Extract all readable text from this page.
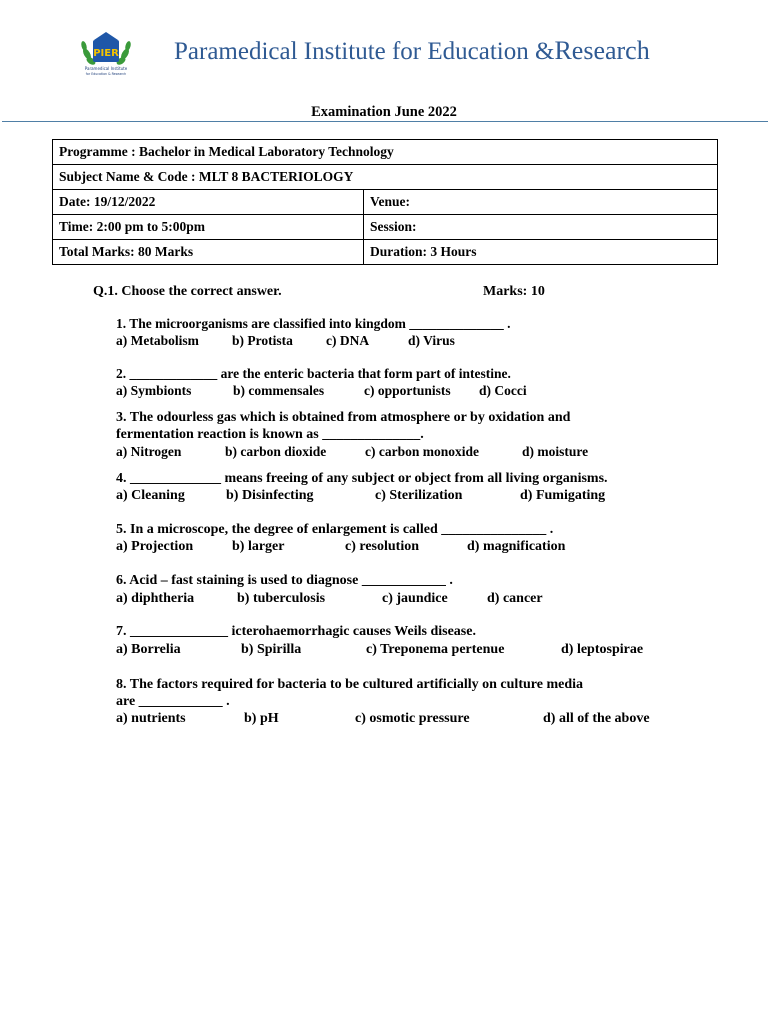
PIER
Paramedical Institute
for Education & Research
Paramedical Institute for Education &Research
Examination June 2022
Programme : Bachelor in Medical Laboratory Technology	
Subject Name & Code : MLT 8 BACTERIOLOGY	
Date: 19/12/2022	Venue:
Time: 2:00 pm to 5:00pm	Session:
Total Marks: 80 Marks	Duration: 3 Hours
Q.1. Choose the correct answer.	Marks: 10
1. The microorganisms are classified into kingdom ______________ .
a) Metabolism b) Protista c) DNA	d) Virus
2. _____________ are the enteric bacteria that form part of intestine.
a) Symbionts	b) commensales	c) opportunists d) Cocci
3. The odourless gas which is obtained from atmosphere or by oxidation and
fermentation reaction is known as ______________.
a) Nitrogen	b) carbon dioxide	c) carbon monoxide	d) moisture
4. _____________ means freeing of any subject or object from all living organisms.
a) Cleaning	b) Disinfecting	c) Sterilization	d) Fumigating
5. In a microscope, the degree of enlargement is called _______________ .
a) Projection	b) larger	c) resolution	d) magnification
6. Acid – fast staining is used to diagnose ____________ .
a) diphtheria	b) tuberculosis	c) jaundice	d) cancer
7. ______________ icterohaemorrhagic causes Weils disease.
a) Borrelia	b) Spirilla	c) Treponema pertenue	d) leptospirae
8. The factors required for bacteria to be cultured artificially on culture media
are ____________ .
a) nutrients	b) pH	c) osmotic pressure	d) all of the above
